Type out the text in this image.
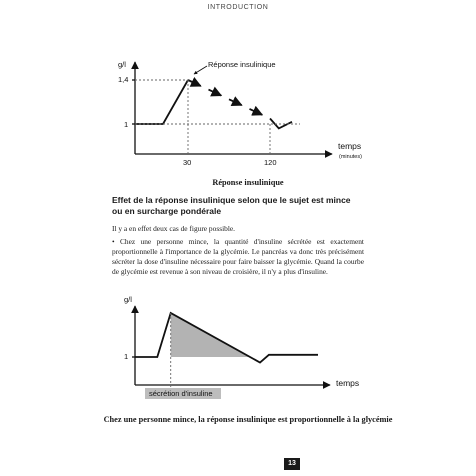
INTRODUCTION
g/l
1,4
1
30	120
temps
(minutes)
Réponse insulinique
Réponse insulinique
Effet de la réponse insulinique selon que le sujet est mince ou en surcharge pondérale

Il y a en effet deux cas de figure possible.

• Chez une personne mince, la quantité d'insuline sécrétée est exactement proportionnelle à l'importance de la glycémie. Le pancréas va donc très précisément sécréter la dose d'insuline nécessaire pour faire baisser la glycémie. Quand la courbe de glycémie est revenue à son niveau de croisière, il n'y a plus d'insuline.

g/l
1
temps
sécrétion d'insuline
Chez une personne mince, la réponse insulinique est proportionnelle à la glycémie
13
